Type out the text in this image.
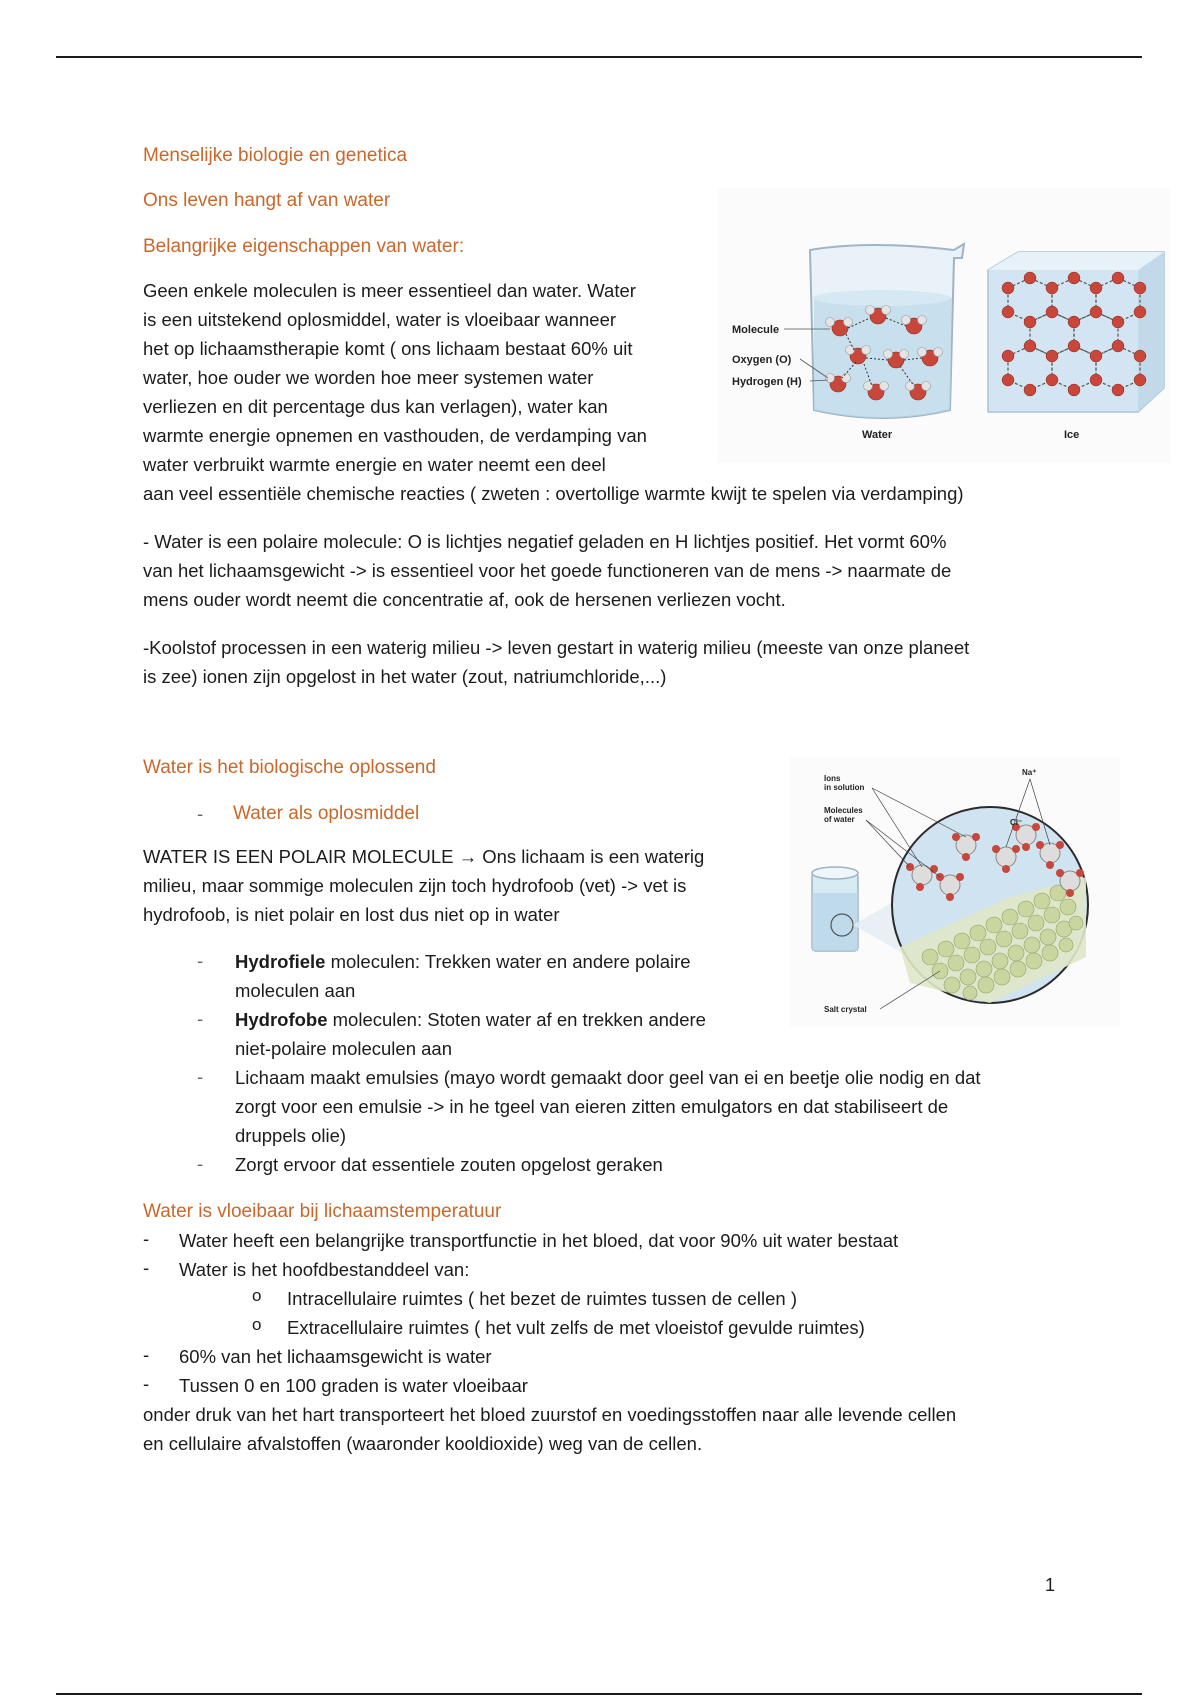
Menselijke biologie en genetica
Ons leven hangt af van water
Belangrijke eigenschappen van water:
Geen enkele moleculen is meer essentieel dan water. Water
is een uitstekend oplosmiddel, water is vloeibaar wanneer
het op lichaamstherapie komt ( ons lichaam bestaat 60% uit
water, hoe ouder we worden hoe meer systemen water
verliezen en dit percentage dus kan verlagen), water kan
warmte energie opnemen en vasthouden, de verdamping van
water verbruikt warmte energie en water neemt een deel
aan veel essentiële chemische reacties ( zweten : overtollige warmte kwijt te spelen via verdamping)
- Water is een polaire molecule: O is lichtjes negatief geladen en H lichtjes positief. Het vormt 60%
van het lichaamsgewicht -> is essentieel voor het goede functioneren van de mens -> naarmate de
mens ouder wordt neemt die concentratie af, ook de hersenen verliezen vocht.
-Koolstof processen in een waterig milieu -> leven gestart in waterig milieu (meeste van onze planeet
is zee) ionen zijn opgelost in het water (zout, natriumchloride,...)
Water is het biologische oplossend
- Water als oplosmiddel
WATER IS EEN POLAIR MOLECULE → Ons lichaam is een waterig
milieu, maar sommige moleculen zijn toch hydrofoob (vet) -> vet is
hydrofoob, is niet polair en lost dus niet op in water
- Hydrofiele moleculen: Trekken water en andere polaire
moleculen aan
- Hydrofobe moleculen: Stoten water af en trekken andere
niet-polaire moleculen aan
- Lichaam maakt emulsies (mayo wordt gemaakt door geel van ei en beetje olie nodig en dat
zorgt voor een emulsie -> in he tgeel van eieren zitten emulgators en dat stabiliseert de
druppels olie)
- Zorgt ervoor dat essentiele zouten opgelost geraken
Water is vloeibaar bij lichaamstemperatuur
- Water heeft een belangrijke transportfunctie in het bloed, dat voor 90% uit water bestaat
- Water is het hoofdbestanddeel van:
o Intracellulaire ruimtes ( het bezet de ruimtes tussen de cellen )
o Extracellulaire ruimtes ( het vult zelfs de met vloeistof gevulde ruimtes)
- 60% van het lichaamsgewicht is water
- Tussen 0 en 100 graden is water vloeibaar
onder druk van het hart transporteert het bloed zuurstof en voedingsstoffen naar alle levende cellen
en cellulaire afvalstoffen (waaronder kooldioxide) weg van de cellen.
1
Molecule
Oxygen (O)
Hydrogen (H)
Water	Ice
Ions
in solution
Molecules
of water
Na⁺
Cl⁻
Salt crystal
